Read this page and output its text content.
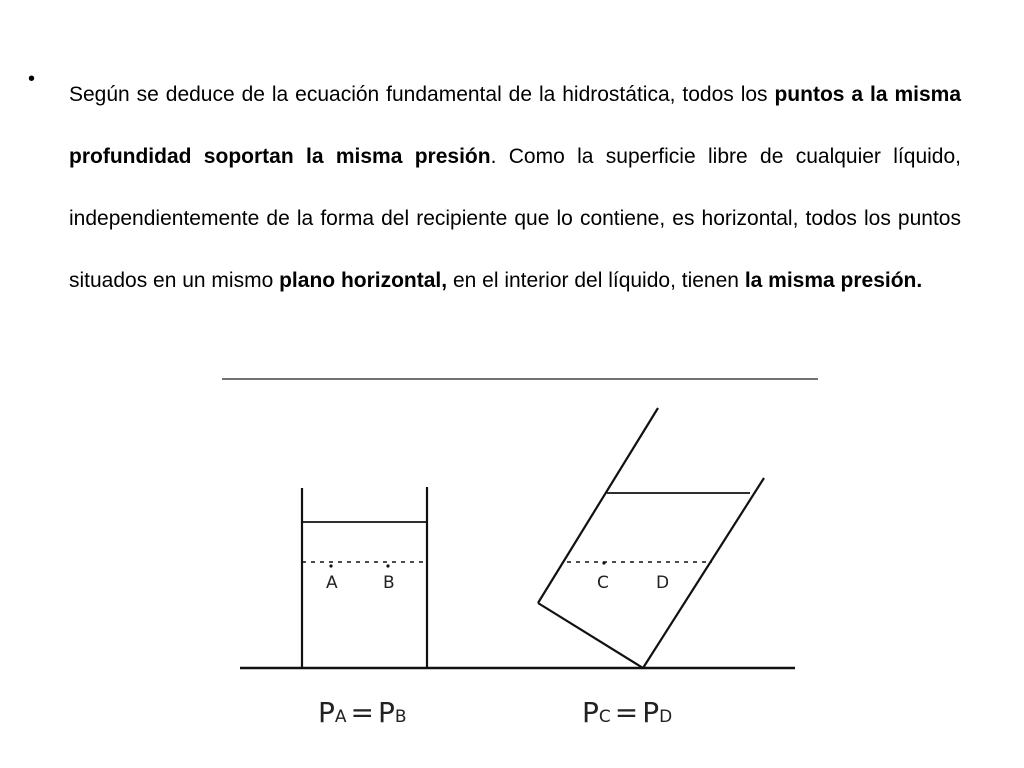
•

Según se deduce de la ecuación fundamental de la hidrostática, todos los puntos a la misma profundidad soportan la misma presión. Como la superficie libre de cualquier líquido, independientemente de la forma del recipiente que lo contiene, es horizontal, todos los puntos situados en un mismo plano horizontal, en el interior del líquido, tienen la misma presión.

A	B	C	D
PA = PB	PC = PD
